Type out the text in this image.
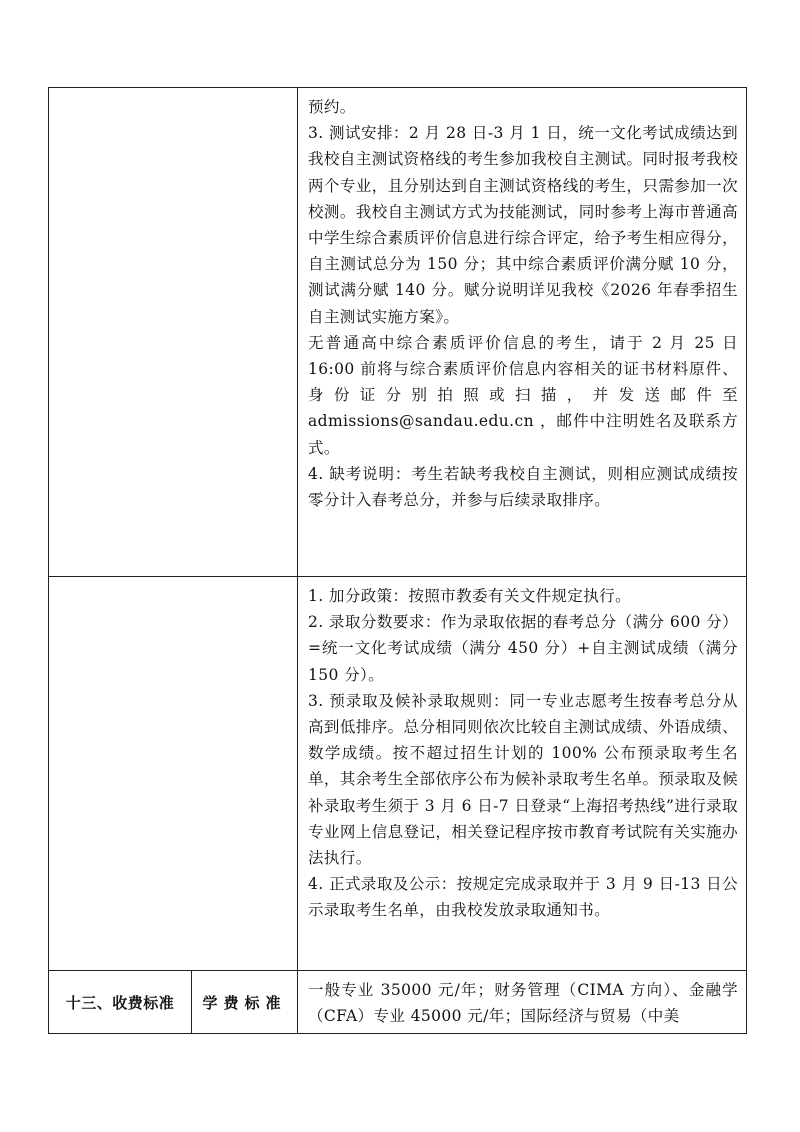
		预约。

3. 测试安排：2 月 28 日-3 月 1 日，统一文化考试成绩达到我校自主测试资格线的考生参加我校自主测试。同时报考我校两个专业，且分别达到自主测试资格线的考生，只需参加一次校测。我校自主测试方式为技能测试，同时参考上海市普通高中学生综合素质评价信息进行综合评定，给予考生相应得分，自主测试总分为 150 分；其中综合素质评价满分赋 10 分，测试满分赋 140 分。赋分说明详见我校《2026 年春季招生自主测试实施方案》。

无普通高中综合素质评价信息的考生，请于 2 月 25 日 16:00 前将与综合素质评价信息内容相关的证书材料原件、身份证分别拍照或扫描，并发送邮件至 admissions@sandau.edu.cn ，邮件中注明姓名及联系方式。

4. 缺考说明：考生若缺考我校自主测试，则相应测试成绩按零分计入春考总分，并参与后续录取排序。

		1. 加分政策：按照市教委有关文件规定执行。

2. 录取分数要求：作为录取依据的春考总分（满分 600 分）=统一文化考试成绩（满分 450 分）+自主测试成绩（满分 150 分）。

3. 预录取及候补录取规则：同一专业志愿考生按春考总分从高到低排序。总分相同则依次比较自主测试成绩、外语成绩、数学成绩。按不超过招生计划的 100% 公布预录取考生名单，其余考生全部依序公布为候补录取考生名单。预录取及候补录取考生须于 3 月 6 日-7 日登录“上海招考热线”进行录取专业网上信息登记，相关登记程序按市教育考试院有关实施办法执行。

4. 正式录取及公示：按规定完成录取并于 3 月 9 日-13 日公示录取考生名单，由我校发放录取通知书。

十三、收费标准	学费标准	一般专业 35000 元/年；财务管理（CIMA 方向）、金融学（CFA）专业 45000 元/年；国际经济与贸易（中美
